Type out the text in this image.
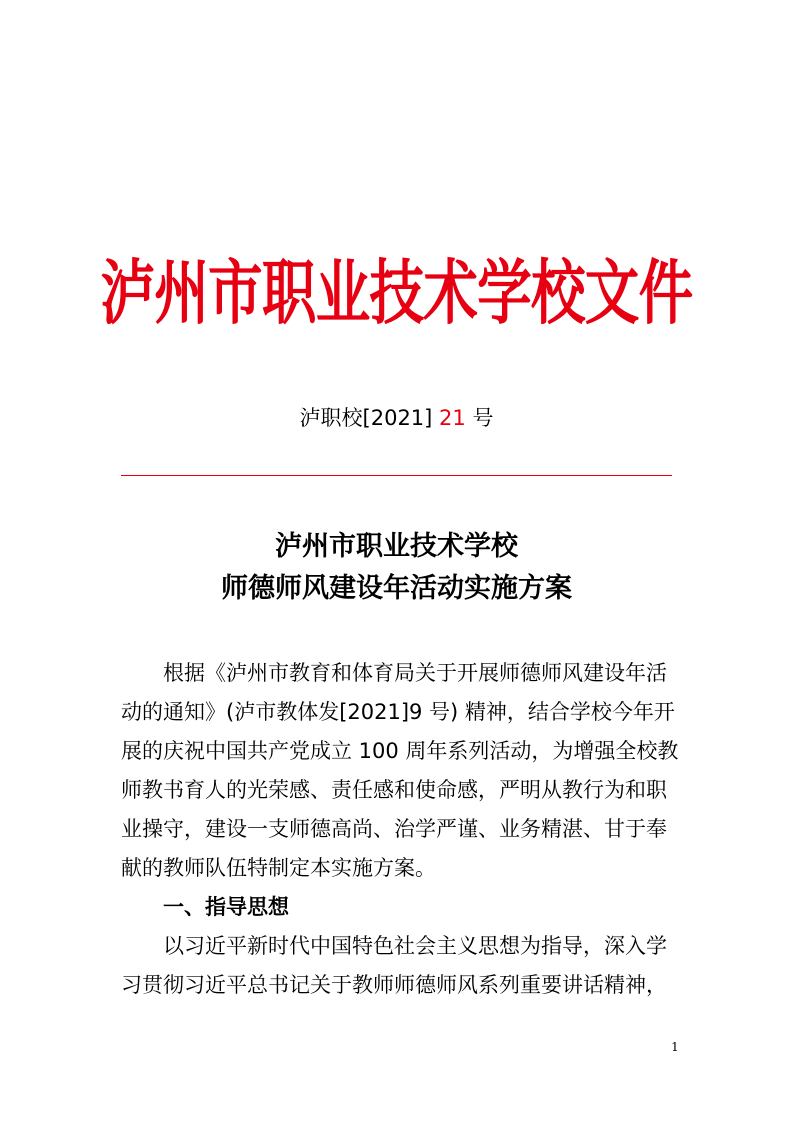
泸州市职业技术学校文件
泸职校[2021] 21 号
泸州市职业技术学校
师德师风建设年活动实施方案
根据《泸州市教育和体育局关于开展师德师风建设年活
动的通知》(泸市教体发[2021]9 号) 精神，结合学校今年开
展的庆祝中国共产党成立 100 周年系列活动，为增强全校教
师教书育人的光荣感、责任感和使命感，严明从教行为和职
业操守，建设一支师德高尚、治学严谨、业务精湛、甘于奉
献的教师队伍特制定本实施方案。
一、指导思想
以习近平新时代中国特色社会主义思想为指导，深入学
习贯彻习近平总书记关于教师师德师风系列重要讲话精神，
1
